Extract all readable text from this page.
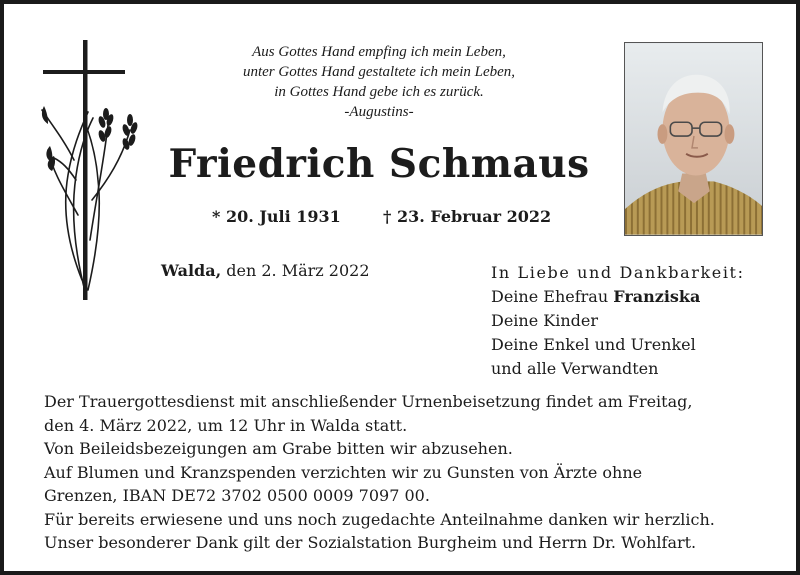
Aus Gottes Hand empfing ich mein Leben,
unter Gottes Hand gestaltete ich mein Leben,
in Gottes Hand gebe ich es zurück.
-Augustins-
Friedrich Schmaus
* 20. Juli 1931	† 23. Februar 2022
Walda, den 2. März 2022	In Liebe und Dankbarkeit:
Deine Ehefrau Franziska
Deine Kinder
Deine Enkel und Urenkel
und alle Verwandten
Der Trauergottesdienst mit anschließender Urnenbeisetzung findet am Freitag,
den 4. März 2022, um 12 Uhr in Walda statt.
Von Beileidsbezeigungen am Grabe bitten wir abzusehen.
Auf Blumen und Kranzspenden verzichten wir zu Gunsten von Ärzte ohne
Grenzen, IBAN DE72 3702 0500 0009 7097 00.
Für bereits erwiesene und uns noch zugedachte Anteilnahme danken wir herzlich.
Unser besonderer Dank gilt der Sozialstation Burgheim und Herrn Dr. Wohlfart.
